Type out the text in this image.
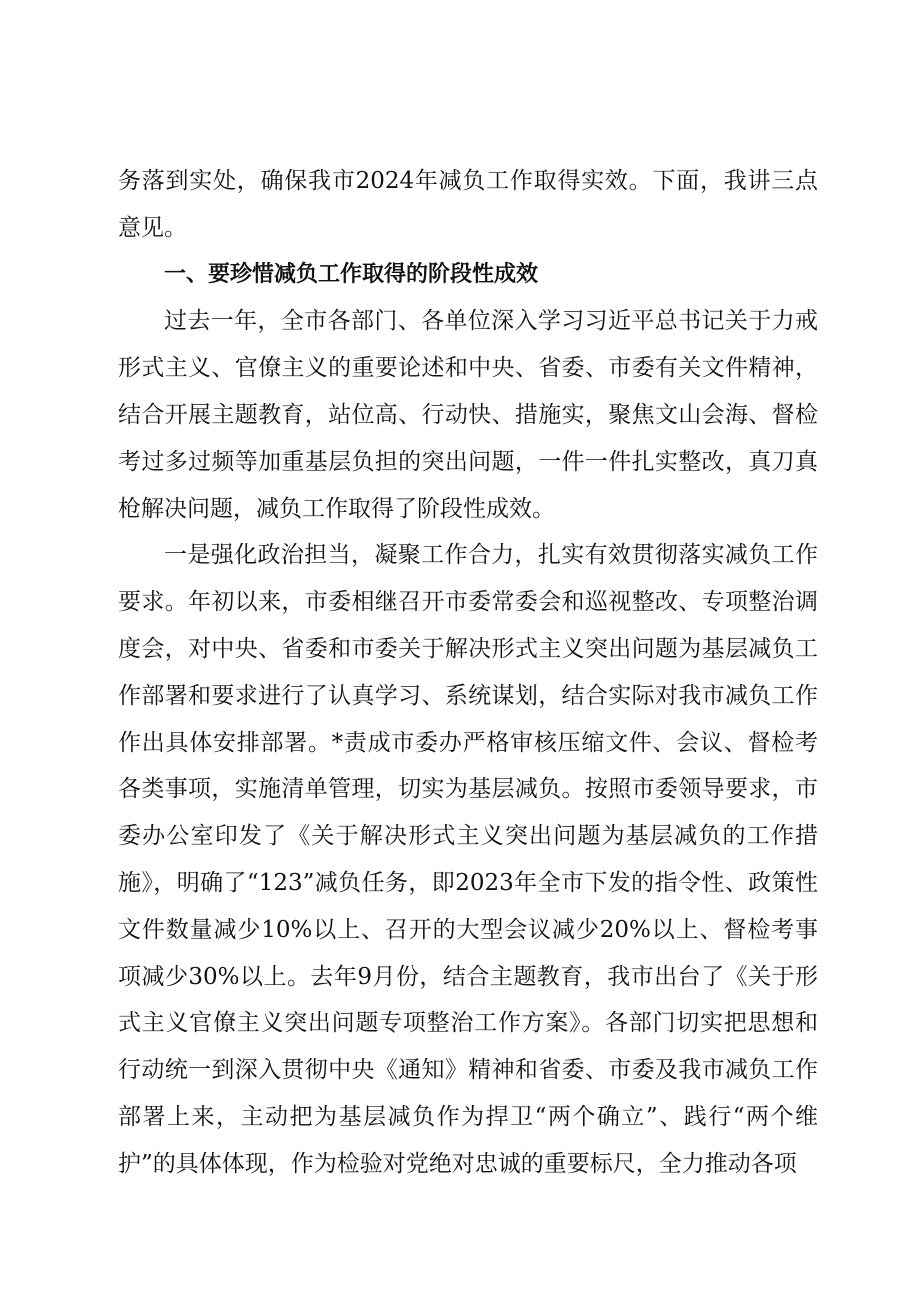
务落到实处，确保我市2024年减负工作取得实效。下面，我讲三点意见。

一、要珍惜减负工作取得的阶段性成效

过去一年，全市各部门、各单位深入学习习近平总书记关于力戒形式主义、官僚主义的重要论述和中央、省委、市委有关文件精神，结合开展主题教育，站位高、行动快、措施实，聚焦文山会海、督检考过多过频等加重基层负担的突出问题，一件一件扎实整改，真刀真枪解决问题，减负工作取得了阶段性成效。

一是强化政治担当，凝聚工作合力，扎实有效贯彻落实减负工作要求。年初以来，市委相继召开市委常委会和巡视整改、专项整治调度会，对中央、省委和市委关于解决形式主义突出问题为基层减负工作部署和要求进行了认真学习、系统谋划，结合实际对我市减负工作作出具体安排部署。*责成市委办严格审核压缩文件、会议、督检考各类事项，实施清单管理，切实为基层减负。按照市委领导要求，市委办公室印发了《关于解决形式主义突出问题为基层减负的工作措施》，明确了“123”减负任务，即2023年全市下发的指令性、政策性文件数量减少10%以上、召开的大型会议减少20%以上、督检考事项减少30%以上。去年9月份，结合主题教育，我市出台了《关于形式主义官僚主义突出问题专项整治工作方案》。各部门切实把思想和行动统一到深入贯彻中央《通知》精神和省委、市委及我市减负工作部署上来，主动把为基层减负作为捍卫“两个确立”、践行“两个维护”的具体体现，作为检验对党绝对忠诚的重要标尺，全力推动各项
